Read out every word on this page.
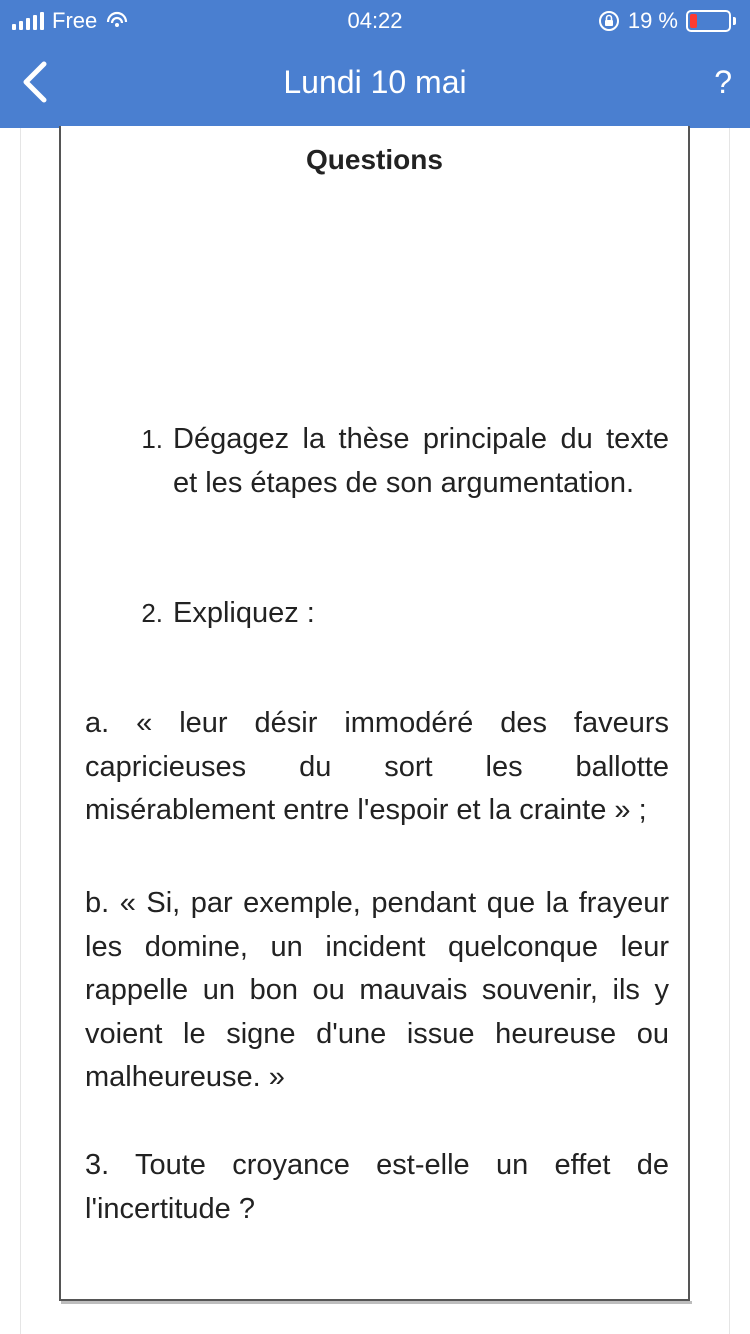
Free	04:22	19 %
Lundi 10 mai	?
Questions
1. Dégagez la thèse principale du texte et les étapes de son argumentation.
2. Expliquez :
a. « leur désir immodéré des faveurs capricieuses du sort les ballotte misérablement entre l'espoir et la crainte » ;
b. « Si, par exemple, pendant que la frayeur les domine, un incident quelconque leur rappelle un bon ou mauvais souvenir, ils y voient le signe d'une issue heureuse ou malheureuse. »
3. Toute croyance est-elle un effet de l'incertitude ?
